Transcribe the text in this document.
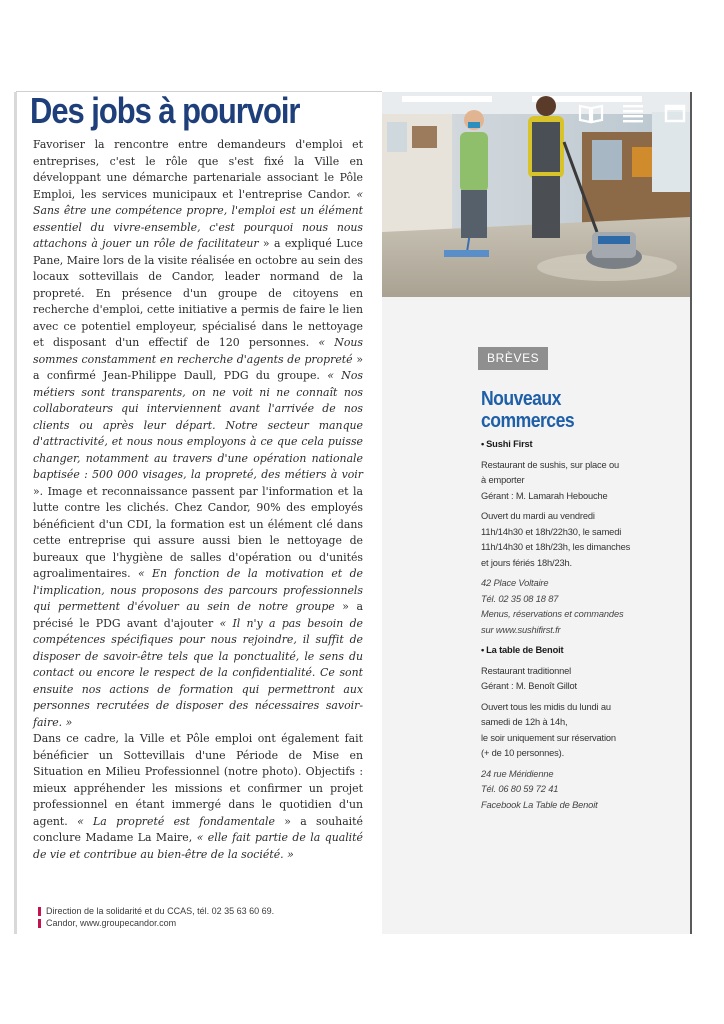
Des jobs à pourvoir

Favoriser la rencontre entre demandeurs d'emploi et entreprises, c'est le rôle que s'est fixé la Ville en développant une démarche partenariale associant le Pôle Emploi, les services municipaux et l'entreprise Candor. « Sans être une compétence propre, l'emploi est un élément essentiel du vivre-ensemble, c'est pourquoi nous nous attachons à jouer un rôle de facilitateur » a expliqué Luce Pane, Maire lors de la visite réalisée en octobre au sein des locaux sottevillais de Candor, leader normand de la propreté. En présence d'un groupe de citoyens en recherche d'emploi, cette initiative a permis de faire le lien avec ce potentiel employeur, spécialisé dans le nettoyage et disposant d'un effectif de 120 personnes. « Nous sommes constamment en recherche d'agents de propreté » a confirmé Jean-Philippe Daull, PDG du groupe. « Nos métiers sont transparents, on ne voit ni ne connaît nos collaborateurs qui interviennent avant l'arrivée de nos clients ou après leur départ. Notre secteur manque d'attractivité, et nous nous employons à ce que cela puisse changer, notamment au travers d'une opération nationale baptisée : 500 000 visages, la propreté, des métiers à voir ». Image et reconnaissance passent par l'information et la lutte contre les clichés. Chez Candor, 90% des employés bénéficient d'un CDI, la formation est un élément clé dans cette entreprise qui assure aussi bien le nettoyage de bureaux que l'hygiène de salles d'opération ou d'unités agroalimentaires. « En fonction de la motivation et de l'implication, nous proposons des parcours professionnels qui permettent d'évoluer au sein de notre groupe » a précisé le PDG avant d'ajouter « Il n'y a pas besoin de compétences spécifiques pour nous rejoindre, il suffit de disposer de savoir-être tels que la ponctualité, le sens du contact ou encore le respect de la confidentialité. Ce sont ensuite nos actions de formation qui permettront aux personnes recrutées de disposer des nécessaires savoir-faire. »

Dans ce cadre, la Ville et Pôle emploi ont également fait bénéficier un Sottevillais d'une Période de Mise en Situation en Milieu Professionnel (notre photo). Objectifs : mieux appréhender les missions et confirmer un projet professionnel en étant immergé dans le quotidien d'un agent. « La propreté est fondamentale » a souhaité conclure Madame La Maire, « elle fait partie de la qualité de vie et contribue au bien-être de la société. »

Direction de la solidarité et du CCAS, tél. 02 35 63 60 69.
Candor, www.groupecandor.com
BRÈVES
Nouveaux
commerces
• Sushi First
Restaurant de sushis, sur place ou
à emporter
Gérant : M. Lamarah Hebouche
Ouvert du mardi au vendredi
11h/14h30 et 18h/22h30, le samedi
11h/14h30 et 18h/23h, les dimanches
et jours fériés 18h/23h.
42 Place Voltaire
Tél. 02 35 08 18 87
Menus, réservations et commandes
sur www.sushifirst.fr
• La table de Benoit
Restaurant traditionnel
Gérant : M. Benoît Gillot
Ouvert tous les midis du lundi au
samedi de 12h à 14h,
le soir uniquement sur réservation
(+ de 10 personnes).
24 rue Méridienne
Tél. 06 80 59 72 41
Facebook La Table de Benoit
